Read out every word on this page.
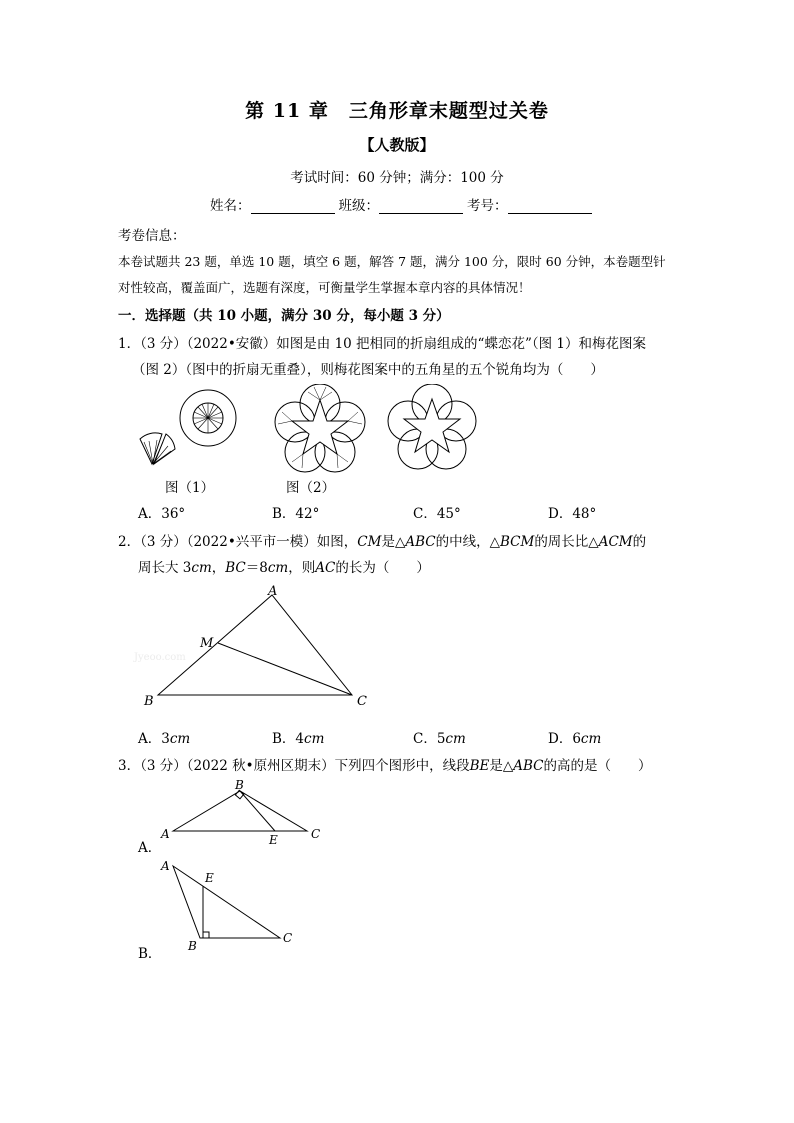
第 11 章　三角形章末题型过关卷
【人教版】
考试时间：60 分钟；满分：100 分
姓名：	班级：	考号：
考卷信息：
本卷试题共 23 题，单选 10 题，填空 6 题，解答 7 题，满分 100 分，限时 60 分钟，本卷题型针
对性较高，覆盖面广，选题有深度，可衡量学生掌握本章内容的具体情况！
一．选择题（共 10 小题，满分 30 分，每小题 3 分）
1．（3 分）（2022•安徽）如图是由 10 把相同的折扇组成的“蝶恋花”（图 1）和梅花图案
（图 2）（图中的折扇无重叠），则梅花图案中的五角星的五个锐角均为（　　）
图（1）	图（2）
A．36°	B．42°	C．45°	D．48°
2．（3 分）（2022•兴平市一模）如图，CM是△ABC的中线，△BCM的周长比△ACM的
周长大 3cm，BC＝8cm，则AC的长为（　　）
Jyeoo.com
A
B	C
M
A．3cm	B．4cm	C．5cm	D．6cm
3．（3 分）（2022 秋•原州区期末）下列四个图形中，线段BE是△ABC的高的是（　　）
B
A	C
E
A．
A
E
B
C
B．
